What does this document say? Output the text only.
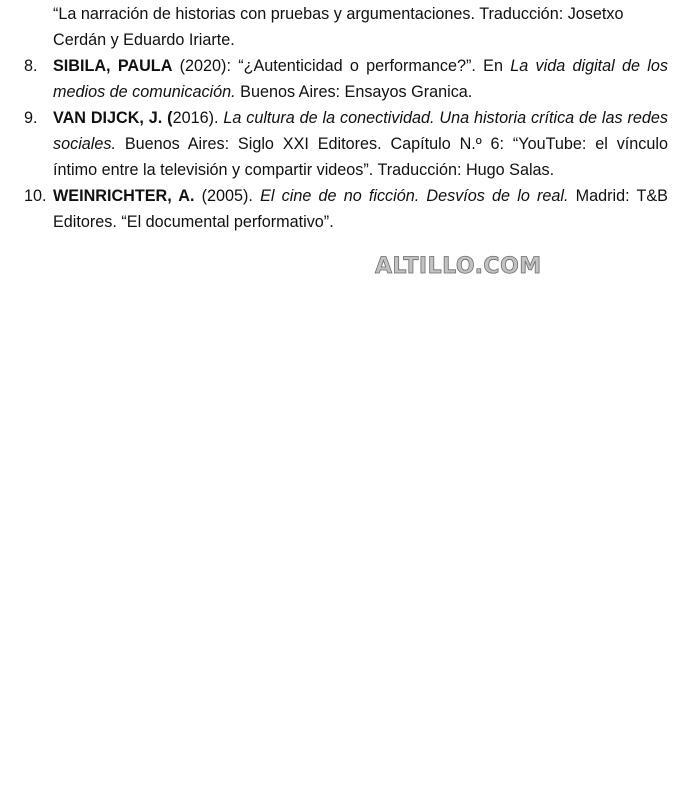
“La narración de historias con pruebas y argumentaciones. Traducción: Josetxo
Cerdán y Eduardo Iriarte.
8. SIBILA, PAULA (2020): “¿Autenticidad o performance?”. En La vida digital de los medios de comunicación. Buenos Aires: Ensayos Granica.
9. VAN DIJCK, J. (2016). La cultura de la conectividad. Una historia crítica de las redes sociales. Buenos Aires: Siglo XXI Editores. Capítulo N.º 6: “YouTube: el vínculo íntimo entre la televisión y compartir videos”. Traducción: Hugo Salas.
10. WEINRICHTER, A. (2005). El cine de no ficción. Desvíos de lo real. Madrid: T&B Editores. “El documental performativo”.
ALTILLO.COM
